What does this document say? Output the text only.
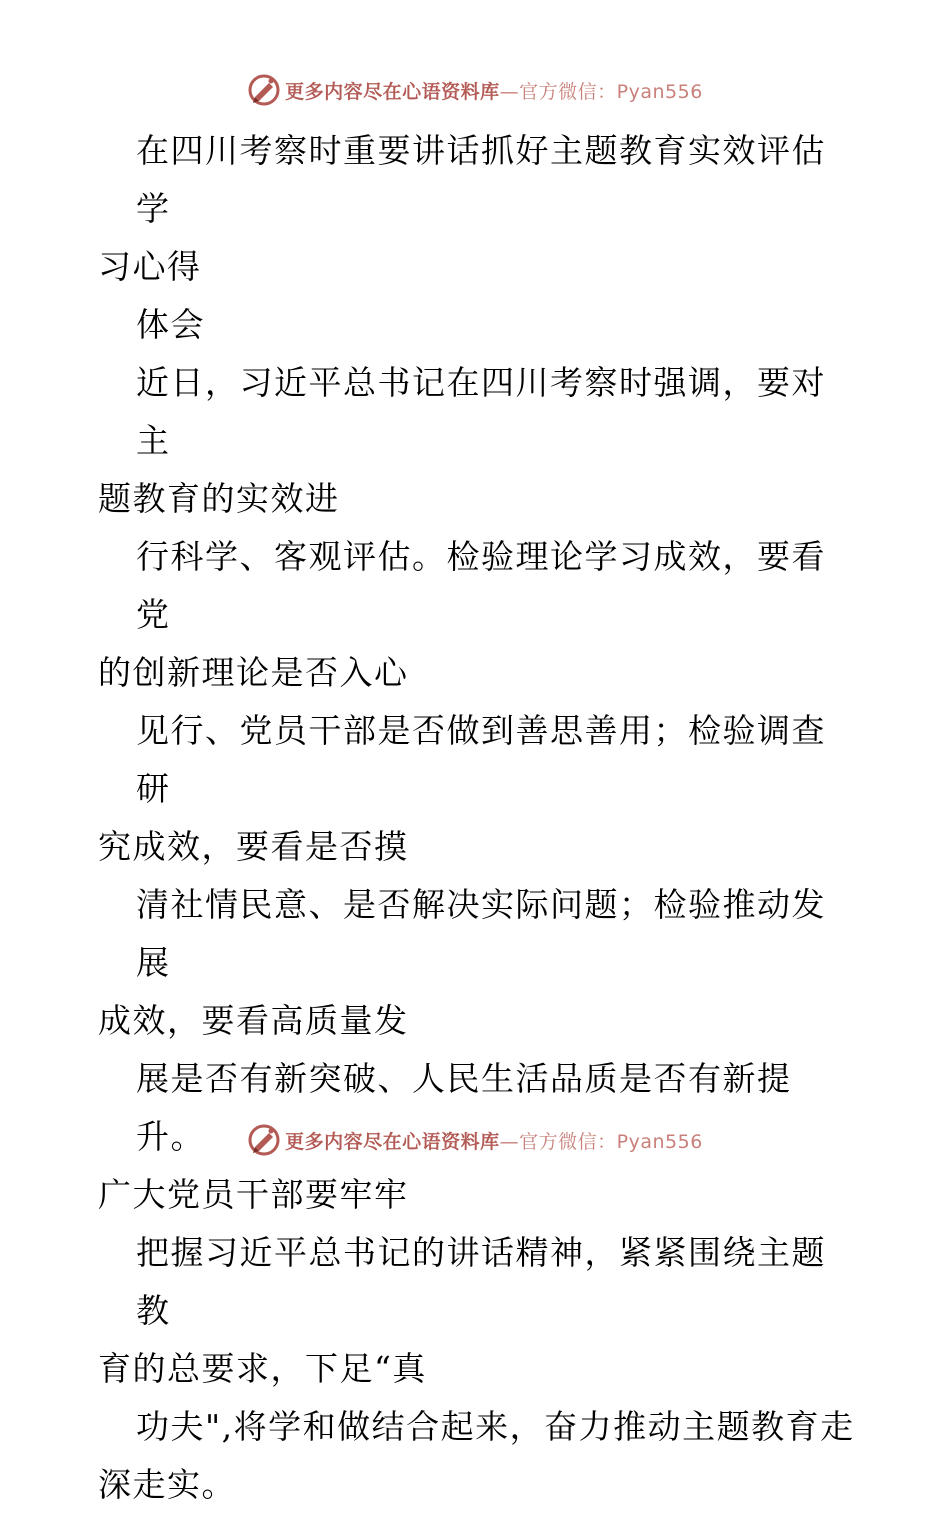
更多内容尽在心语资料库—官方微信：Pyan556
在四川考察时重要讲话抓好主题教育实效评估学
习心得
体会
近日，习近平总书记在四川考察时强调，要对主
题教育的实效进
行科学、客观评估。检验理论学习成效，要看党
的创新理论是否入心
见行、党员干部是否做到善思善用；检验调查研
究成效，要看是否摸
清社情民意、是否解决实际问题；检验推动发展
成效，要看高质量发
展是否有新突破、人民生活品质是否有新提升。
广大党员干部要牢牢
把握习近平总书记的讲话精神，紧紧围绕主题教
育的总要求，下足“真
功夫",将学和做结合起来，奋力推动主题教育走
深走实。
更多内容尽在心语资料库—官方微信：Pyan556
